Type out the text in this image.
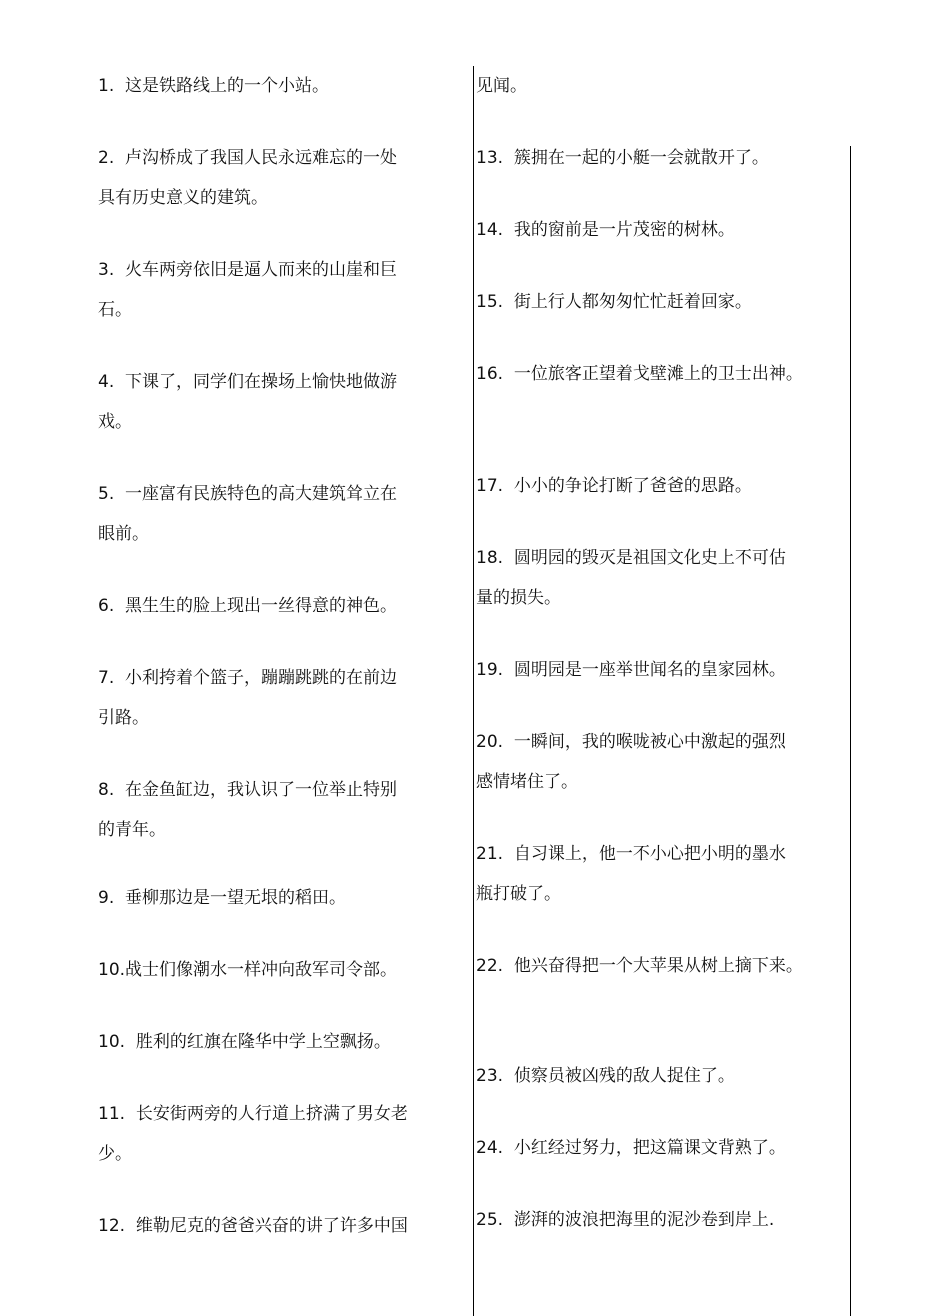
1. 这是铁路线上的一个小站。
2. 卢沟桥成了我国人民永远难忘的一处
具有历史意义的建筑。
3. 火车两旁依旧是逼人而来的山崖和巨
石。
4. 下课了，同学们在操场上愉快地做游
戏。
5. 一座富有民族特色的高大建筑耸立在
眼前。
6. 黑生生的脸上现出一丝得意的神色。
7. 小利挎着个篮子，蹦蹦跳跳的在前边
引路。
8. 在金鱼缸边，我认识了一位举止特别
的青年。
9. 垂柳那边是一望无垠的稻田。
10.战士们像潮水一样冲向敌军司令部。
10. 胜利的红旗在隆华中学上空飘扬。
11. 长安街两旁的人行道上挤满了男女老
少。
12. 维勒尼克的爸爸兴奋的讲了许多中国
见闻。
13. 簇拥在一起的小艇一会就散开了。
14. 我的窗前是一片茂密的树林。
15. 街上行人都匆匆忙忙赶着回家。
16. 一位旅客正望着戈壁滩上的卫士出神。
17. 小小的争论打断了爸爸的思路。
18. 圆明园的毁灭是祖国文化史上不可估
量的损失。
19. 圆明园是一座举世闻名的皇家园林。
20. 一瞬间，我的喉咙被心中激起的强烈
感情堵住了。
21. 自习课上，他一不小心把小明的墨水
瓶打破了。
22. 他兴奋得把一个大苹果从树上摘下来。
23. 侦察员被凶残的敌人捉住了。
24. 小红经过努力，把这篇课文背熟了。
25. 澎湃的波浪把海里的泥沙卷到岸上.
